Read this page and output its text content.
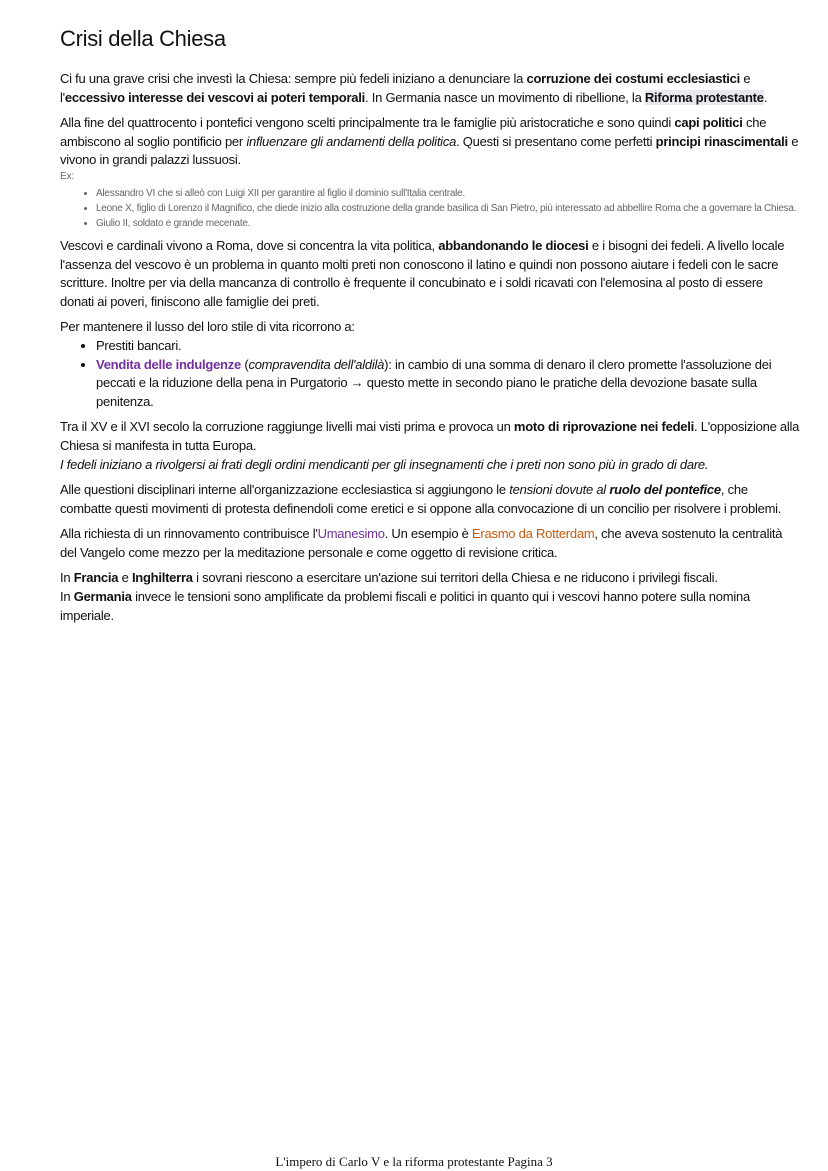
Crisi della Chiesa

Ci fu una grave crisi che investì la Chiesa: sempre più fedeli iniziano a denunciare la corruzione dei costumi ecclesiastici e l'eccessivo interesse dei vescovi ai poteri temporali. In Germania nasce un movimento di ribellione, la Riforma protestante.

Alla fine del quattrocento i pontefici vengono scelti principalmente tra le famiglie più aristocratiche e sono quindi capi politici che ambiscono al soglio pontificio per influenzare gli andamenti della politica. Questi si presentano come perfetti principi rinascimentali e vivono in grandi palazzi lussuosi.

Ex:

• Alessandro VI che si alleò con Luigi XII per garantire al figlio il dominio sull'Italia centrale.
• Leone X, figlio di Lorenzo il Magnifico, che diede inizio alla costruzione della grande basilica di San Pietro, più interessato ad abbellire Roma che a governare la Chiesa.
• Giulio II, soldato e grande mecenate.

Vescovi e cardinali vivono a Roma, dove si concentra la vita politica, abbandonando le diocesi e i bisogni dei fedeli. A livello locale l'assenza del vescovo è un problema in quanto molti preti non conoscono il latino e quindi non possono aiutare i fedeli con le sacre scritture. Inoltre per via della mancanza di controllo è frequente il concubinato e i soldi ricavati con l'elemosina al posto di essere donati ai poveri, finiscono alle famiglie dei preti.

Per mantenere il lusso del loro stile di vita ricorrono a:

• Prestiti bancari.
• Vendita delle indulgenze (compravendita dell'aldilà): in cambio di una somma di denaro il clero promette l'assoluzione dei peccati e la riduzione della pena in Purgatorio → questo mette in secondo piano le pratiche della devozione basate sulla penitenza.

Tra il XV e il XVI secolo la corruzione raggiunge livelli mai visti prima e provoca un moto di riprovazione nei fedeli. L'opposizione alla Chiesa si manifesta in tutta Europa.
I fedeli iniziano a rivolgersi ai frati degli ordini mendicanti per gli insegnamenti che i preti non sono più in grado di dare.

Alle questioni disciplinari interne all'organizzazione ecclesiastica si aggiungono le tensioni dovute al ruolo del pontefice, che combatte questi movimenti di protesta definendoli come eretici e si oppone alla convocazione di un concilio per risolvere i problemi.

Alla richiesta di un rinnovamento contribuisce l'Umanesimo. Un esempio è Erasmo da Rotterdam, che aveva sostenuto la centralità del Vangelo come mezzo per la meditazione personale e come oggetto di revisione critica.

In Francia e Inghilterra i sovrani riescono a esercitare un'azione sui territori della Chiesa e ne riducono i privilegi fiscali.
In Germania invece le tensioni sono amplificate da problemi fiscali e politici in quanto qui i vescovi hanno potere sulla nomina imperiale.

L'impero di Carlo V e la riforma protestante Pagina 3
